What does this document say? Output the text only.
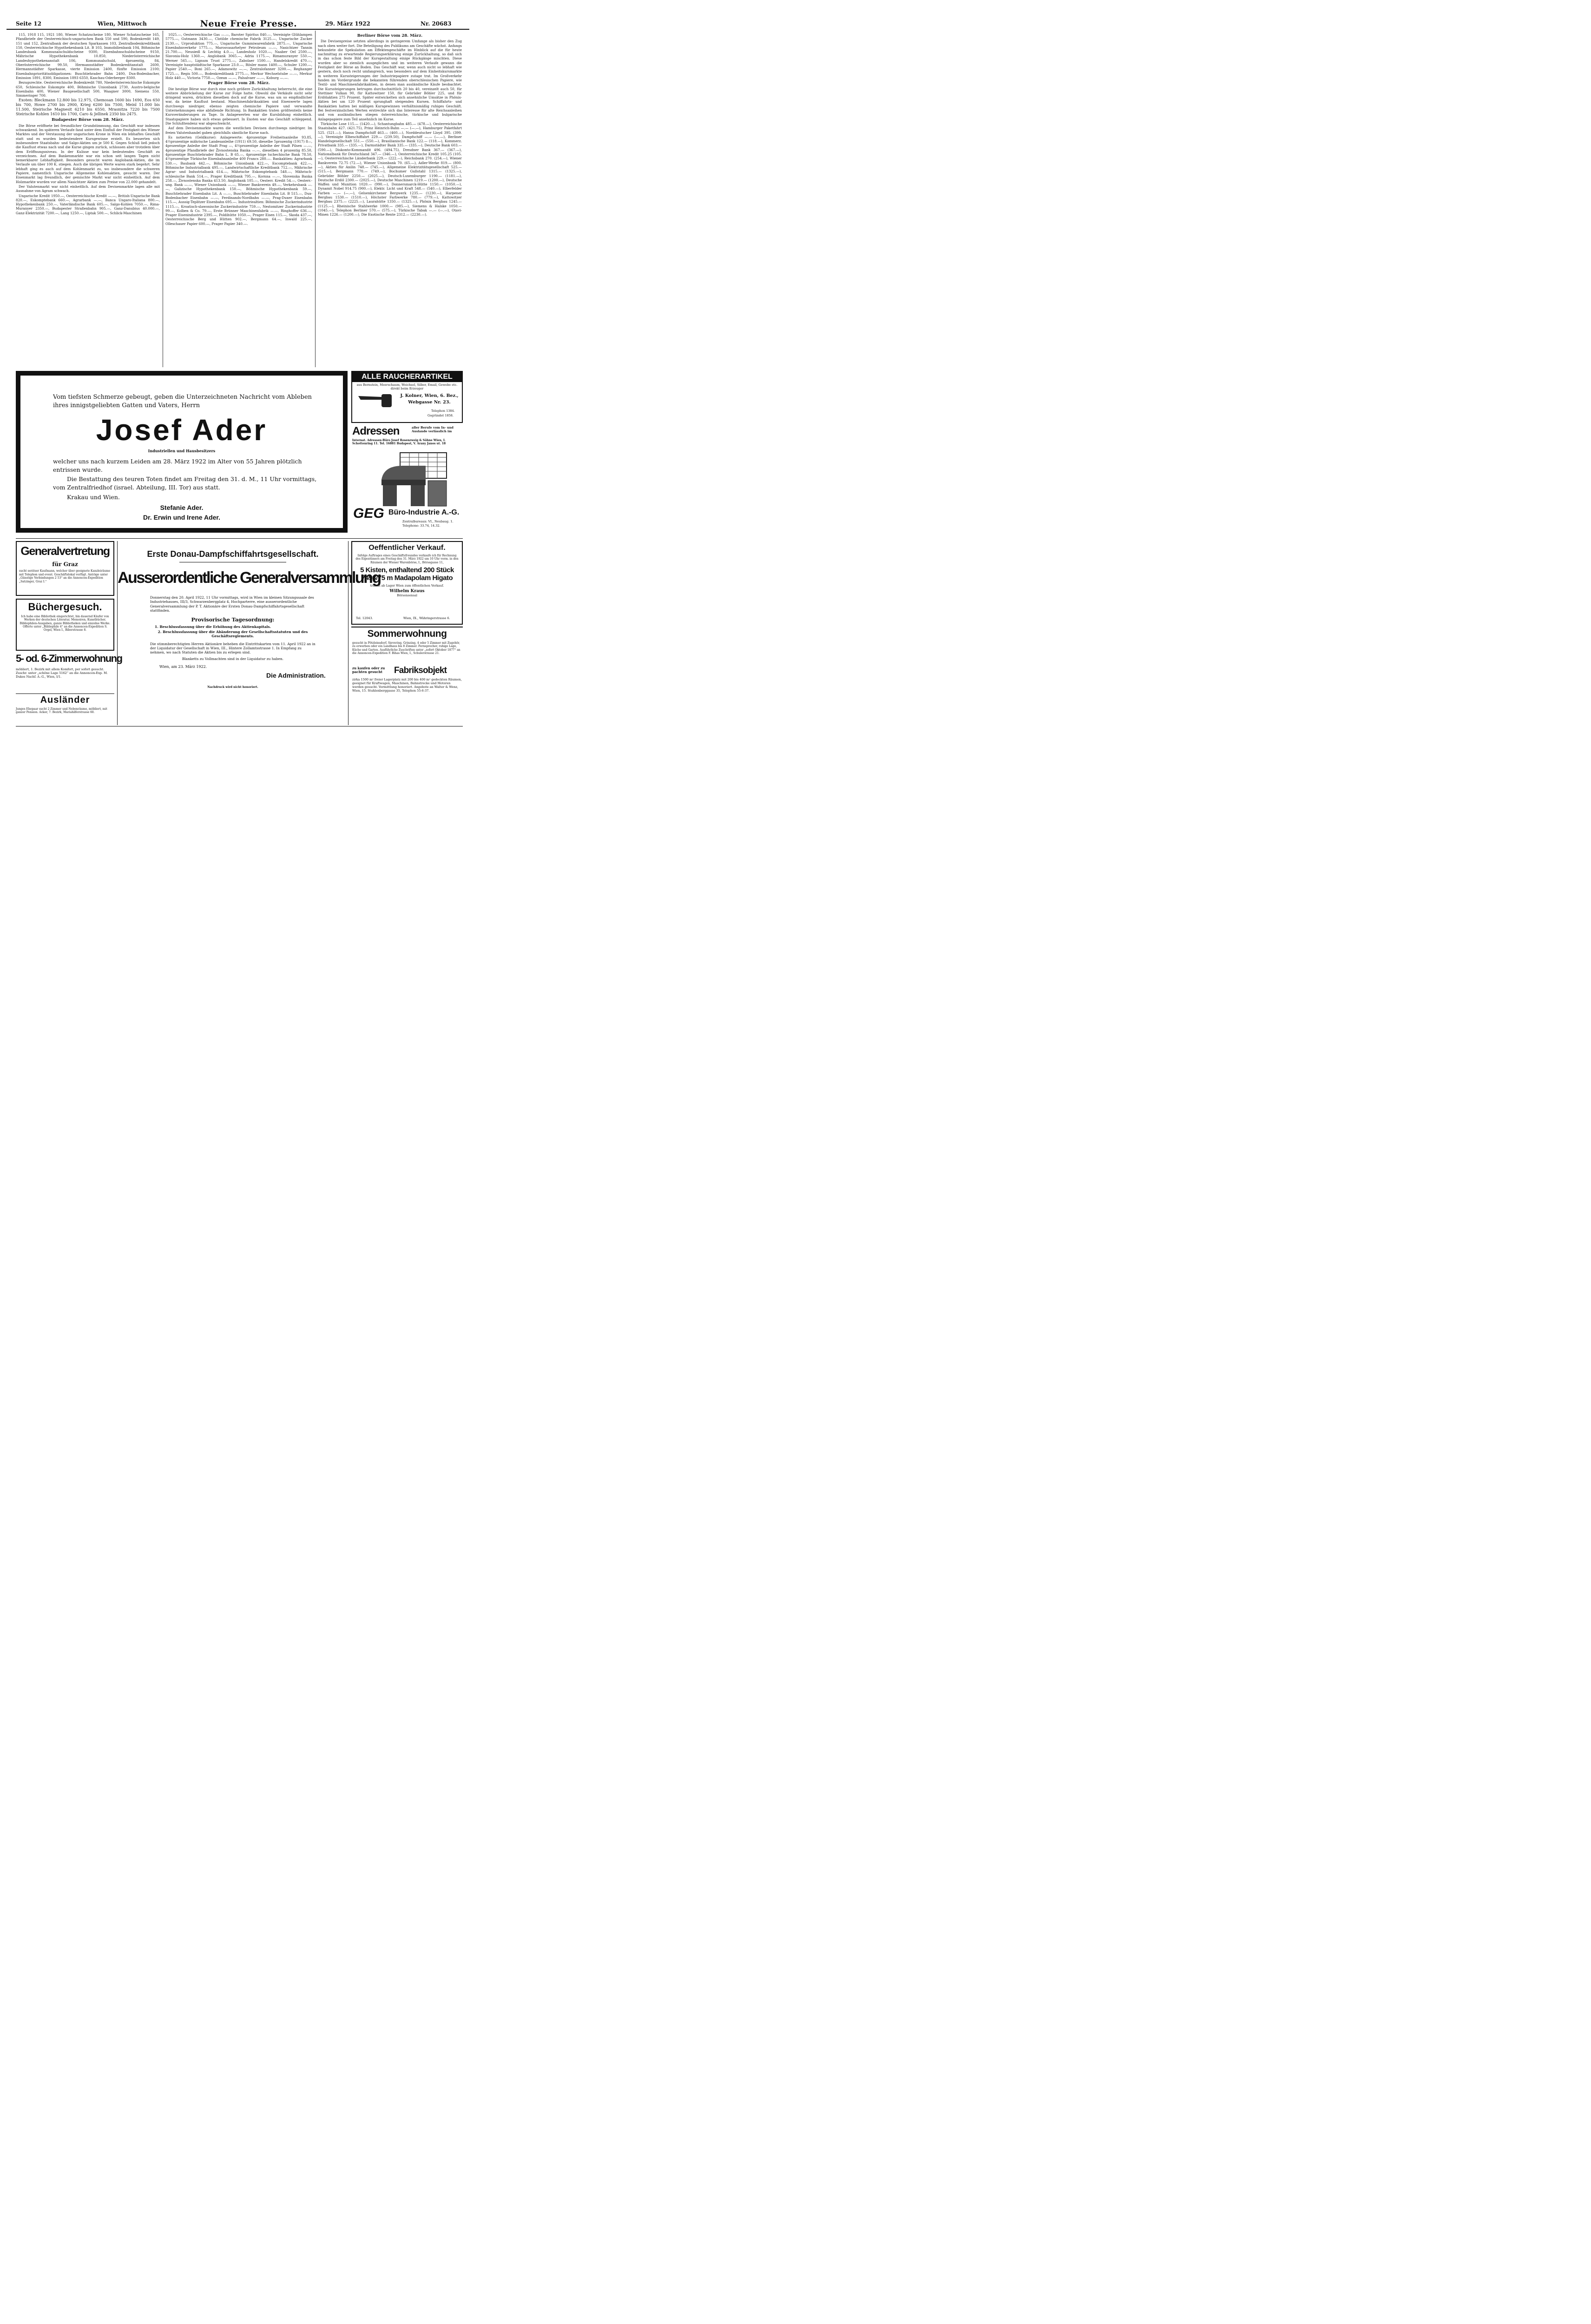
Seite 12	Wien, Mittwoch	Neue Freie Presse.	29. März 1922	Nr. 20683

115, 1918 115, 1921 180, Wiener Schatzscheine 180, Wiener Schatzscheine 165, Pfandbriefe der Oesterreichisch-ungarischen Bank 550 und 590, Bodenkredit 149, 151 und 152, Zentralbank der deutschen Sparkassen 103, Zentralbodenkreditbank 150, Oesterreichische Hypothekenbank Lit. B 103, Immobilienbank 104, Böhmische Landesbank Kommunalschuldscheine 9300, Eisenbahnschuldscheine 9150, Mährische Hypothekenbank 10.850, Niederösterreichische Landeshypothekenanstalt 106, Kommunalschuld, 4prozentig, 84, Oberösterreichische 99.50, Hermannstädter Bodenkreditanstalt 2600, Hermannstädter Sparkasse, vierte Emission 2400, fünfte Emission 2100; Eisenbahnprioritätsobligationen: Buschtiehrader Bahn 2400, Dux-Bodenbacher, Emission 1891, 8300, Emission 1893 6350, Kaschau-Oderberger 8300.

Bezugsrechte. Oesterreichische Bodenkredit 780, Niederösterreichische Eskompte 650, Schlesische Eskompte 400, Böhmische Unionbank 2730, Austro-belgische Eisenbahn 400, Wiener Baugesellschaft 500, Waagner 3000, Siemens 550, Simmeringer 700.

Exoten: Bleckmann 12.800 bis 12.975, Chemosan 1600 bis 1690, Eos 650 bis 700, Howe 2700 bis 2900, Krieg 6200 bis 7500, Meinl 11.000 bis 11.500, Steirische Magnesit 6210 bis 6550, Mrasnitza 7220 bis 7500 Steirische Kohlen 1610 bis 1700, Caro & Jellinek 2350 bis 2475.

Budapester Börse vom 28. März.

Die Börse eröffnete bei freundlicher Grundstimmung, das Geschäft war indessen schwankend. Im späteren Verlaufe fand unter dem Einfluß der Festigkeit des Wiener Marktes und der Verstauung der ungarischen Krone in Wien ein lebhaftes Geschäft statt und es wurden bedeutendere Kursgewinne erzielt. Es besserten sich insbesondere Staatsbahn- und Salgo-Aktien um je 500 K. Gegen Schluß ließ jedoch die Kauflust etwas nach und die Kurse gingen zurück, schlossen aber trotzdem über dem Eröffnungsniveau. In der Kulisse war kein bedeutendes Geschäft zu verzeichnen. Auf dem Bankenmarkte war ein schon seit langen Tagen nicht bemerkbarer Lebhaftigkeit. Besonders gesucht waren Anglobank-Aktien, die im Verlaufe um über 100 K. stiegen. Auch die übrigen Werte waren stark begehrt. Sehr lebhaft ging es auch auf dem Kohlenmarkt zu, wo insbesondere die schweren Papiere, namentlich Ungarische Allgemeine Kohlenaktien, gesucht waren. Der Eisenmarkt lag freundlich, der gemischte Markt war nicht einheitlich. Auf dem Holzmarkte wurden vor allem Nasichtzer Aktien zum Preise von 22.000 gehandelt.

Der Valutenmarkt war nicht einheitlich. Auf dem Devisenmarkte lagen alle mit Ausnahme von Agram schwach.

Ungarische Kredit 1950.—, Oesterreichische Kredit —.—, British-Ungarische Bank 820.—, Eskomptebank 660.—, Agrarbank —.—, Banca Ungaro-Italiana 800.—, Hypothekenbank 250.—, Vaterländische Bank 605.—, Salgo-Kohlen 7050.—, Rima-Muranyer 2350.—, Budapester Straßenbahn 905.—, Ganz-Danubius 40.000.—, Ganz-Elektrizität 7200.—, Lang 1250.—, Liptak 500.—, Schlick-Maschinen

1025.—, Oesterreichische Gas —.—, Baroter Spiritus 840.—, Vereinigte Glühlampen 5775.—, Gutmann 3430.—, Clotilde chemische Fabrik 3125.—, Ungarische Zucker 2130.—, Urproduktion 775.—, Ungarische Gummiwarenfabrik 2875.—, Ungarische Eisenbahnverkehr 1775.—, Marosvasarhelyer Petroleum —.—, Nasichtzer Tannin 21.700.—, Neusiedl & Lechtig 4.0.—, Landesholz 1020.—, Naaber Oel 2500.—, Slavonia-Holz 1360.—, Anglobank 3065.—, Adria 1175.—, Rimamuranyer 550.—, Werner 565.—, Lignum Trust 2775.—, Zabolaer 1500.—, Handelskredit 470.—, Vereinigte hauptstädtische Sparkasse 23.0.—, Rösler mann 1400.—, Schuler 1200.—, Papier 2540.—, Boni 265.—, Adamowitz —.—, Zentralofanner 3200.—, Reghanger 1725.—, Regis 500.—, Bodenkreditbank 2775.—, Merkur Wechselstube —.—, Merkur Holz 440.—, Victoria 7750.—, Ozean —.—, Palsalvaer —.—, Koburg —.—.

Prager Börse vom 28. März.

Die heutige Börse war durch eine noch größere Zurückhaltung beherrscht, die eine weitere Abbröckelung der Kurse zur Folge hatte. Obwohl die Verkäufe nicht sehr dringend waren, drückten dieselben doch auf die Kurse, was um so empfindlicher war, da keine Kauflust bestand. Maschinenfabriksaktien und Eisenwerte lagen durchwegs niedriger, ebenso zeigten chemische Papiere und verwandte Unternehmungen eine abfallende Richtung. In Bankaktien traten größtenteils keine Kursveränderungen zu Tage. In Anlagewerten war die Kursbildung einheitlich. Staatspapiere haben sich etwas gebessert. In Exoten war das Geschäft schleppend. Die Schlußtendenz war abgeschwächt.

Auf dem Devisenmarkte waren die westlichen Devisen durchwegs niedriger. Im freien Valutenhandel gaben gleichfalls sämtliche Kurse nach.

Es notierten (Geldkurse): Anlagewerte: 4prozentige Freiheitsanleihe 93.85, 4½prozentige mährische Landesanleihe (1911) 69.50, dieselbe 5prozentig (1917) 8—, 4prozentige Anleihe der Stadt Prag —, 4½prozentige Anleihe der Stadt Pilsen —.—, 4prozentige Pfandbriefe der Živnostenska Banka —.—, dieselben 4 prozentig 85.50, 4prozentige Buschtiehrader Bahn L. B 65.—, 4prozentige tschechische Bank 78.50, 4½prozentige Türkische Eisenbahnanleihe 400 Francs 280.—. Bankaktien: Agrarbank 530.—, Baubank 442.—, Böhmische Unionbank 422.—, Escomptebank 422.—, Böhmische Industrialbank 495.—, Landwirtschaftliche Kreditbank 712.—, Mährische Agrar- und Industrialbank 614.—, Mährische Eskomptebank 548.—, Mährisch-schlesische Bank 514.—, Prager Kreditbank 795.—, Kornna —.—, Slovenska Banka 258.—, Živnostenska Banka 413.50, Anglobank 105.—, Oesterr. Kredit 54.—, Oesterr.-ung. Bank —.—, Wiener Unionbank —.—, Wiener Bankverein 49.—, Verkehrsbank —.—, Galizische Hypothekenbank 150.—, Böhmische Hypothekenbank 59.—, Buschtiehrader Eisenbahn Lit. A —.—, Buschtiehrader Eisenbahn Lit. B 515.—, Dux-Bodenbacher Eisenbahn —.—, Ferdinands-Nordbahn —.—, Prag-Duxer Eisenbahn 115.—, Aussig-Teplitzer Eisenbahn 695.—. Industriealtien: Böhmische Zuckerindustrie 1115.—, Kroatisch-slawonische Zuckerindustrie 759.—, Nestomitzer Zuckerindustrie 99.—, Kolben & Co. 79.—, Erste Brünner Maschinenfabrik —.—, Ringhoffer 636.—, Prager Eisenindustrie 2395.—, Poldihütte 1050.—, Prager Eisen 115.—, Skoda 437.—, Oesterreichische Berg und Hütten 902.—, Bergmann 64.—, Inwald 225.—, Olleschauer Papier 600.—, Prager Papier 340.—.

Berliner Börse vom 28. März.

Die Devisenpreise setzten allerdings in geringerem Umfange als bisher den Zug nach oben weiter fort. Die Beteiligung des Publikums am Geschäfte wächst. Anfangs bekundete die Spekulation am Effektengeschäfte im Hinblick auf die für heute nachmittag zu erwartende Regierungserklärung einige Zurückhaltung, so daß sich in das schon feste Bild der Kursgestaltung einige Rückgänge mischten. Diese wurden aber so ziemlich ausgeglichen und im weiteren Verlaufe gewann die Festigkeit der Börse an Boden. Das Geschäft war, wenn auch nicht so lebhaft wie gestern, doch noch recht umfangreich, was besonders auf dem Einheitskursmarkte in weiteren Kurssteigerungen der Industriepapiere zutage trat. Im Großverkehr fanden im Vordergrunde die bekannten führenden oberschlesischen Papiere, wie Textil- und Maschinenfabrikaktien, in denen man ausländische Käufe beobachtet. Die Kurssteigerungen betrugen durchschnittlich 20 bis 40, vereinzelt auch 50, für Stettiner Vulkan 90, für Kattowitzer 150, für Gebrüder Böhler 225, und für Erdölaktien 275 Prozent. Später entwickelten sich ansehnliche Umsätze in Phönix-Aktien bei um 120 Prozent sprunghaft steigenden Kursen. Schiffahrts- und Bankaktien hatten bei mäßigen Kursgewinnen verhältnismäßig ruhiges Geschäft. Bei festverzinslichen Werten erstreckte sich das Interesse für alte Reichsanleihen und von ausländischen stiegen österreichische, türkische und bulgarische Anlagepapiere zum Teil ansehnlich im Kurse.

Türkische Lose 115.— (1420.—), Schantungbahn 485.— (478.—), Oesterreichische Staatsbahn 427. (421.75), Prinz Heinrich-Bahn —.— (—.—), Hamburger Paketfahrt 525. (521.—), Hansa Dampfschiff 463.— (460.—), Norddeutscher Lloyd 395. (399.—), Vereinigte Elbeschiffahrt 229.— (239.50), Dampfschiff —.— (—.—), Berliner Handelsgesellschaft 551.— (550.—), Brasilianische Bank 122.— (118.—), Kommerz. Privatbank 335.— (335.—), Darmstädter Bank 335.— (335.—), Deutsche Bank 603.— (590.—), Diskonto-Kommandit 496. (494.75), Dresdner Bank 367.— (367.—), Nationalbank für Deutschland 347.— (346.—), Oesterreichische Kredit 105.25 (105.—), Oesterreichische Länderbank 229.— (222.—), Reichsbank 270. (254.—), Wiener Bankverein 72.75 (72.—), Wiener Unionbank 70. (65.—), Adler-Werke 819.— (800.—), Aktien für Anilin 748.— (745.—), Allgemeine Elektrizitätsgesellschaft 525.— (515.—), Bergmann 770.— (749.—), Bochumer Gußstahl 1315.— (1325.—), Gebrüder Böhler 2250.— (2025.—), Deutsch-Luxemburger 1190.— (1181.—), Deutsche Erdöl 2300.— (2025.—), Deutsche Maschinen 1219.— (1200.—), Deutsche Waffen und Munition 1020.— (990.—), Donnersmarck-Hütte 1150.— (1050.—), Dynamit Nobel 914.75 (900.—), Elektr. Licht und Kraft 548.— (540.—), Elberfelder Farben —.— (—.—), Gelsenkirchener Bergwerk 1235.— (1230.—), Harpener Bergbau 1530.— (1510.—), Höchster Farbwerke 780.— (779.—), Kattowitzer Bergbau 2375.— (2225.—), Laurahütte 1350.— (1325.—), Phönix Bergbau 1245.— (1125.—), Rheinische Stahlwerke 1000.— (985.—), Siemens & Halske 1050.— (1045.—), Telephon Berliner 570.— (575.—), Türkische Tabak —.— (—.—), Otavi-Minen 1226.— (1200.—), Die Exotische Rente 2312.— (2230.—).

Vom tiefsten Schmerze gebeugt, geben die Unterzeichneten Nachricht vom Ableben ihres innigstgeliebten Gatten und Vaters, Herrn
Josef Ader
Industriellen und Hausbesitzers
welcher uns nach kurzem Leiden am 28. März 1922 im Alter von 55 Jahren plötzlich entrissen wurde.
Die Bestattung des teuren Toten findet am Freitag den 31. d. M., 11 Uhr vormittags, vom Zentralfriedhof (israel. Abteilung, III. Tor) aus statt.
Krakau und Wien.
Stefanie Ader.
Dr. Erwin und Irene Ader.
ALLE RAUCHERARTIKEL
aus Bernstein, Meerschaum, Weichsel, Silber, Email, Gewebe etc. direkt beim Erzeuger
J. Kolner, Wien, 6. Bez.,
Webgasse Nr. 23.
Telephon 1384.
Gegründet 1858.
Adressen	aller Berufe vom In- und Auslande verlässlich im
Internat. Adressen-Büro Josef Rosenzweig & Söhne Wien, I. Schottenring 11. Tel. 16881 Budapest, V. Arany Janos ut. 18
GEG Büro-Industrie A.-G.
Zentralbureaux: VI., Neubaug. 1.
Telephone: 33.74, 14.32.
Generalvertretung
für Graz
sucht seriöser Kaufmann, welcher über geeignete Kanzleiräume mit Telephon und event. Geschäftslokal verfügt. Anträge unter „Günstige Verbindungen 2 53“ an die Annoncen-Expedition „Satzinger, Graz I.“
Büchergesuch.
Ich habe eine Bibliothek eingerichtet, bin dauernd Käufer von Werken der deutschen Literatur, Memoiren, Kunstbücher, Bibliophilen-Ausgaben, ganze Bibliotheken und einzelne Werke. Offerte unter „Bibliophile 4“ an die Annoncen-Expedition S. Orgel, Wien I., Biberstrasse 8.
5- od. 6-Zimmerwohnung
möbliert, 1. Bezirk mit allem Komfort, per sofort gesucht. Zuschr. unter „schöne Lage 5162“ an die Annoncen-Exp. M. Dukes Nachf. A.-G., Wien, I/1.
Ausländer
Junges Ehepaar sucht 2 Zimmer und Nebenräume, möbliert, mit ganzer Pension. Acker, 7. Bezirk, Mariahilferstrasse 60.
Erste Donau-Dampfschiffahrtsgesellschaft.
Ausserordentliche Generalversammlung
Donnerstag den 20. April 1922, 11 Uhr vormittags, wird in Wien im kleinen Sitzungssaale des Industriehauses, III/3, Schwarzenbergplatz 4, Hochparterre, eine ausserordentliche Generalversammlung der P. T. Aktionäre der Ersten Donau-Dampfschiffahrtsgesellschaft stattfinden.
Provisorische Tagesordnung:
1. Beschlussfassung über die Erhöhung des Aktienkapitals.
2. Beschlussfassung über die Abänderung der Gesellschaftsstatuten und des Geschäftsreglements.
Die stimmberechtigten Herren Aktionäre beheben die Eintrittskarten vom 11. April 1922 an in der Liquidatur der Gesellschaft in Wien, III., Hintere Zollamtsstrasse 1. In Empfang zu nehmen, wo nach Statuten die Aktien bis zu erlegen sind.
Blanketts zu Vollmachten sind in der Liquidatur zu haben.
Wien, am 23. März 1922.
Die Administration.
Nachdruck wird nicht honoriert.
Oeffentlicher Verkauf.
Infolge Auftrages eines Geschäftsfreundes verkaufe ich für Rechnung des Eigentümers am Freitag den 31. März 1922 um 10 Uhr vorm. in den Räumen der Wiener Warenbörse, I., Börsegasse 11,
5 Kisten, enthaltend 200 Stück
7493/75 m Madapolam Higato
transit ab Lager Wien zum öffentlichen Verkauf.
Wilhelm Kraus
Börsensensal
Tel. 12043.	Wien, IX., Währingerstrasse 6.
Sommerwohnung
gesucht in Pötzleinsdorf, Sievering, Grinzing, 4 oder 5 Zimmer mit Zugehör, zu erwerben oder ein Landhaus bis 8 Zimmer. Fernsprecher, ruhige Lage, Küche und Garten. Ausführliche Zuschriften unter „sofort Oktober 1877“ an die Annoncen-Expedition F. Bihas Wien, I., Schulerstrasse 21.
zu kaufen oder zu pachten gesucht	Fabriksobjekt
zirka 1500 m² freier Lagerplatz mit 200 bis 400 m² gedeckten Räumen, geeignet für Kraftwagen, Maschinen, Bahnstrecke und Motoren werden gesucht. Vermittlung honoriert. Angebote an Walter & Wenz, Wien, 15. Stuhlenberggasse 35, Telephon 55-6-37.
